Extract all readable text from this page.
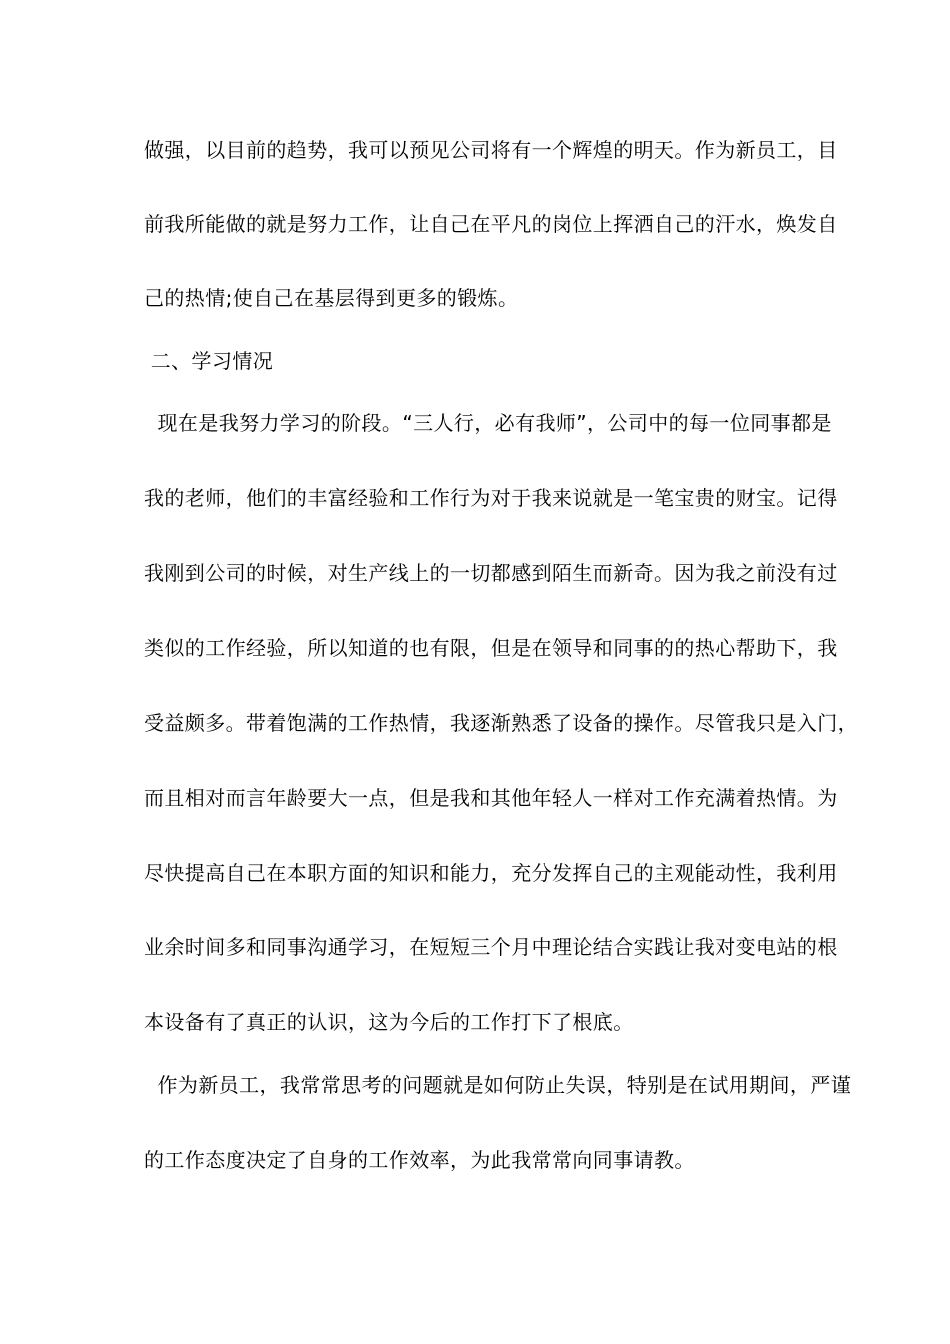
做强，以目前的趋势，我可以预见公司将有一个辉煌的明天。作为新员工，目
前我所能做的就是努力工作，让自己在平凡的岗位上挥洒自己的汗水，焕发自
己的热情;使自己在基层得到更多的锻炼。
二、学习情况
现在是我努力学习的阶段。“三人行，必有我师”，公司中的每一位同事都是
我的老师，他们的丰富经验和工作行为对于我来说就是一笔宝贵的财宝。记得
我刚到公司的时候，对生产线上的一切都感到陌生而新奇。因为我之前没有过
类似的工作经验，所以知道的也有限，但是在领导和同事的的热心帮助下，我
受益颇多。带着饱满的工作热情，我逐渐熟悉了设备的操作。尽管我只是入门，
而且相对而言年龄要大一点，但是我和其他年轻人一样对工作充满着热情。为
尽快提高自己在本职方面的知识和能力，充分发挥自己的主观能动性，我利用
业余时间多和同事沟通学习，在短短三个月中理论结合实践让我对变电站的根
本设备有了真正的认识，这为今后的工作打下了根底。
作为新员工，我常常思考的问题就是如何防止失误，特别是在试用期间，严谨
的工作态度决定了自身的工作效率，为此我常常向同事请教。
